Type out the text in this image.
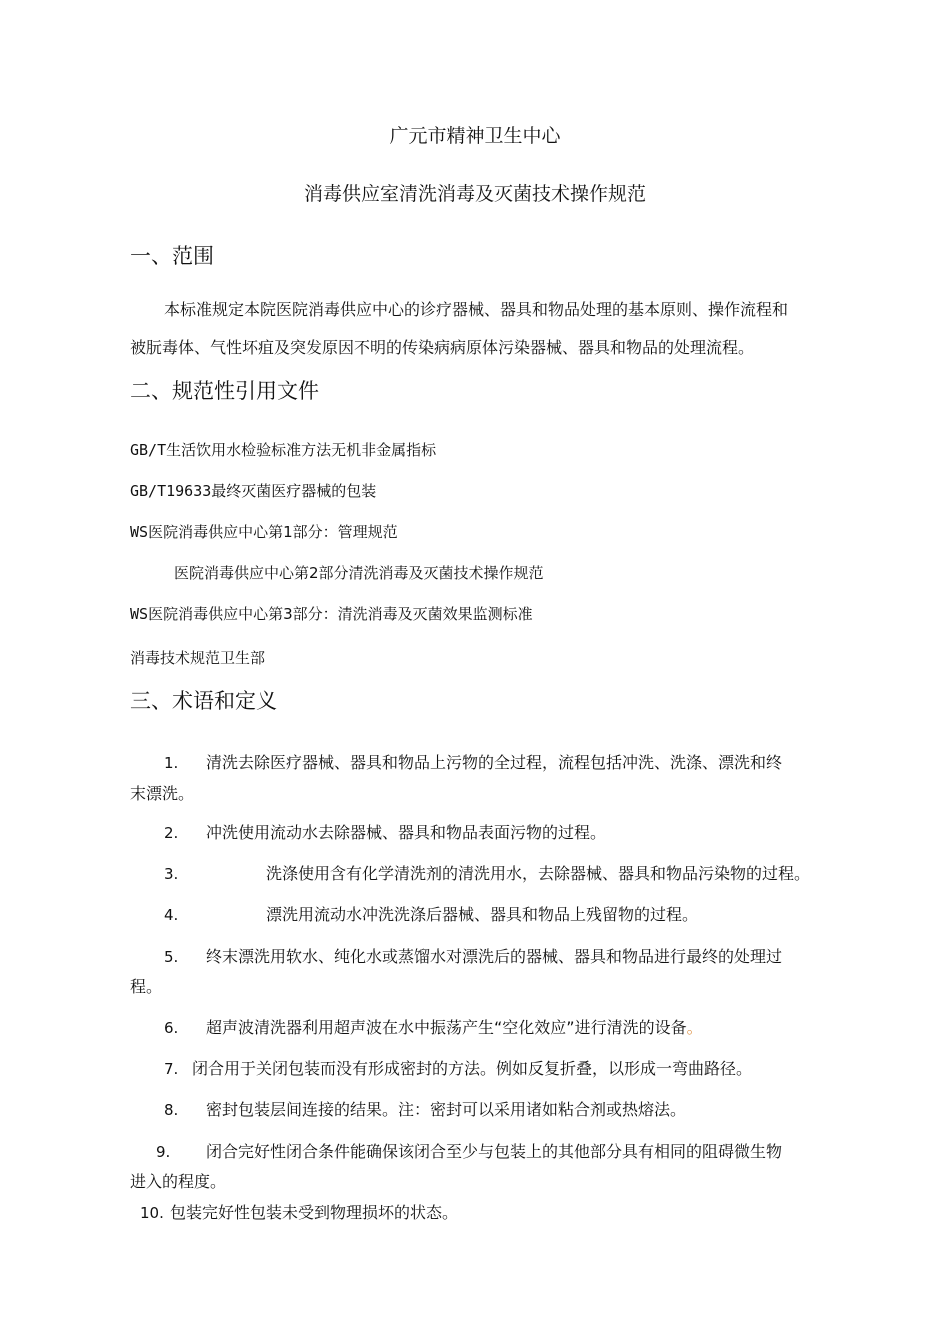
广元市精神卫生中心
消毒供应室清洗消毒及灭菌技术操作规范
一、范围
本标准规定本院医院消毒供应中心的诊疗器械、器具和物品处理的基本原则、操作流程和
被朊毒体、气性坏疽及突发原因不明的传染病病原体污染器械、器具和物品的处理流程。
二、规范性引用文件
GB/T生活饮用水检验标准方法无机非金属指标
GB/T19633最终灭菌医疗器械的包装
WS医院消毒供应中心第1部分：管理规范
医院消毒供应中心第2部分清洗消毒及灭菌技术操作规范
WS医院消毒供应中心第3部分：清洗消毒及灭菌效果监测标准
消毒技术规范卫生部
三、术语和定义
1. 清洗去除医疗器械、器具和物品上污物的全过程，流程包括冲洗、洗涤、漂洗和终
末漂洗。
2. 冲洗使用流动水去除器械、器具和物品表面污物的过程。
3.	洗涤使用含有化学清洗剂的清洗用水，去除器械、器具和物品污染物的过程。
4.	漂洗用流动水冲洗洗涤后器械、器具和物品上残留物的过程。
5. 终末漂洗用软水、纯化水或蒸馏水对漂洗后的器械、器具和物品进行最终的处理过
程。
6. 超声波清洗器利用超声波在水中振荡产生“空化效应”进行清洗的设备。
7. 闭合用于关闭包装而没有形成密封的方法。例如反复折叠，以形成一弯曲路径。
8. 密封包装层间连接的结果。注：密封可以采用诸如粘合剂或热熔法。
9. 闭合完好性闭合条件能确保该闭合至少与包装上的其他部分具有相同的阻碍微生物
进入的程度。
10. 包装完好性包装未受到物理损坏的状态。
